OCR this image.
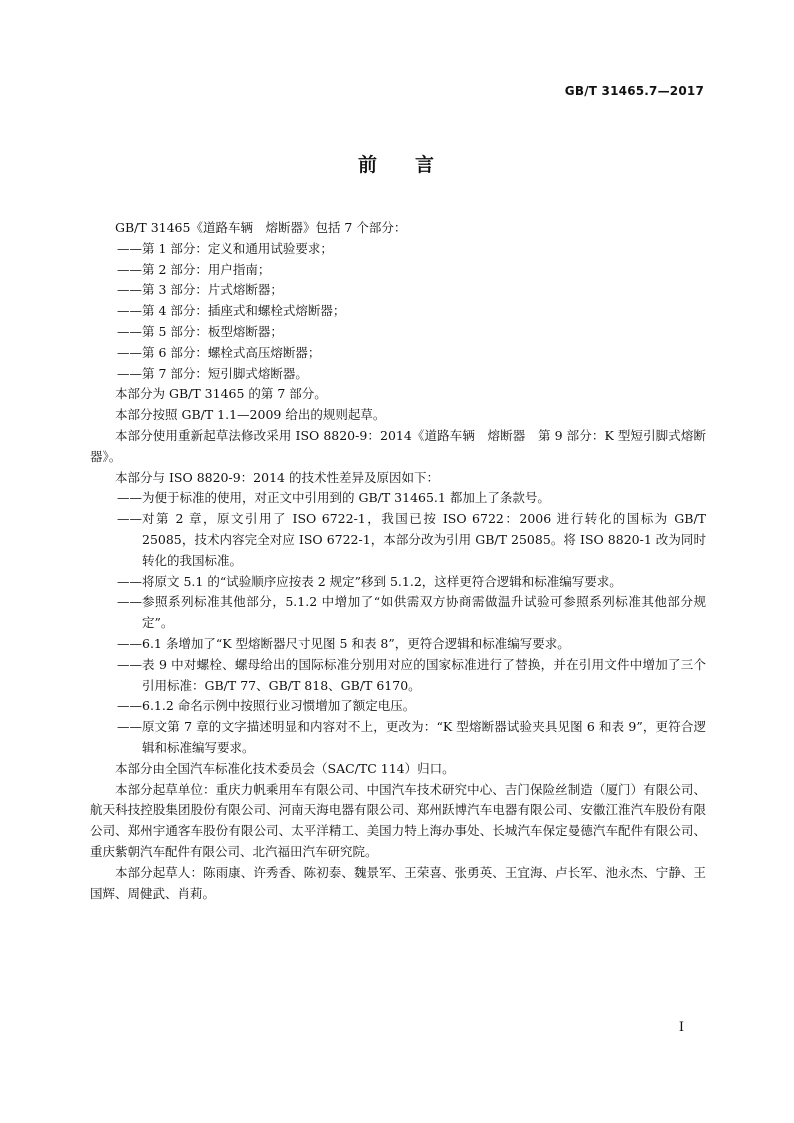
GB/T 31465.7—2017
前 言

GB/T 31465《道路车辆　熔断器》包括 7 个部分：

—— 第 1 部分：定义和通用试验要求；

—— 第 2 部分：用户指南；

—— 第 3 部分：片式熔断器；

—— 第 4 部分：插座式和螺栓式熔断器；

—— 第 5 部分：板型熔断器；

—— 第 6 部分：螺栓式高压熔断器；

—— 第 7 部分：短引脚式熔断器。

本部分为 GB/T 31465 的第 7 部分。

本部分按照 GB/T 1.1—2009 给出的规则起草。

本部分使用重新起草法修改采用 ISO 8820-9：2014《道路车辆　熔断器　第 9 部分：K 型短引脚式熔断器》。

本部分与 ISO 8820-9：2014 的技术性差异及原因如下：

—— 为便于标准的使用，对正文中引用到的 GB/T 31465.1 都加上了条款号。

—— 对第 2 章，原文引用了 ISO 6722-1，我国已按 ISO 6722：2006 进行转化的国标为 GB/T 25085，技术内容完全对应 ISO 6722-1，本部分改为引用 GB/T 25085。将 ISO 8820-1 改为同时转化的我国标准。

—— 将原文 5.1 的“试验顺序应按表 2 规定”移到 5.1.2，这样更符合逻辑和标准编写要求。

—— 参照系列标准其他部分，5.1.2 中增加了“如供需双方协商需做温升试验可参照系列标准其他部分规定”。

—— 6.1 条增加了“K 型熔断器尺寸见图 5 和表 8”，更符合逻辑和标准编写要求。

—— 表 9 中对螺栓、螺母给出的国际标准分别用对应的国家标准进行了替换，并在引用文件中增加了三个引用标准：GB/T 77、GB/T 818、GB/T 6170。

—— 6.1.2 命名示例中按照行业习惯增加了额定电压。

—— 原文第 7 章的文字描述明显和内容对不上，更改为：“K 型熔断器试验夹具见图 6 和表 9”，更符合逻辑和标准编写要求。

本部分由全国汽车标准化技术委员会（SAC/TC 114）归口。

本部分起草单位：重庆力帆乘用车有限公司、中国汽车技术研究中心、吉门保险丝制造（厦门）有限公司、航天科技控股集团股份有限公司、河南天海电器有限公司、郑州跃博汽车电器有限公司、安徽江淮汽车股份有限公司、郑州宇通客车股份有限公司、太平洋精工、美国力特上海办事处、长城汽车保定曼德汽车配件有限公司、重庆紫朝汽车配件有限公司、北汽福田汽车研究院。

本部分起草人：陈雨康、许秀香、陈初泰、魏景军、王荣喜、张勇英、王宜海、卢长军、池永杰、宁静、王国辉、周健武、肖莉。

I
